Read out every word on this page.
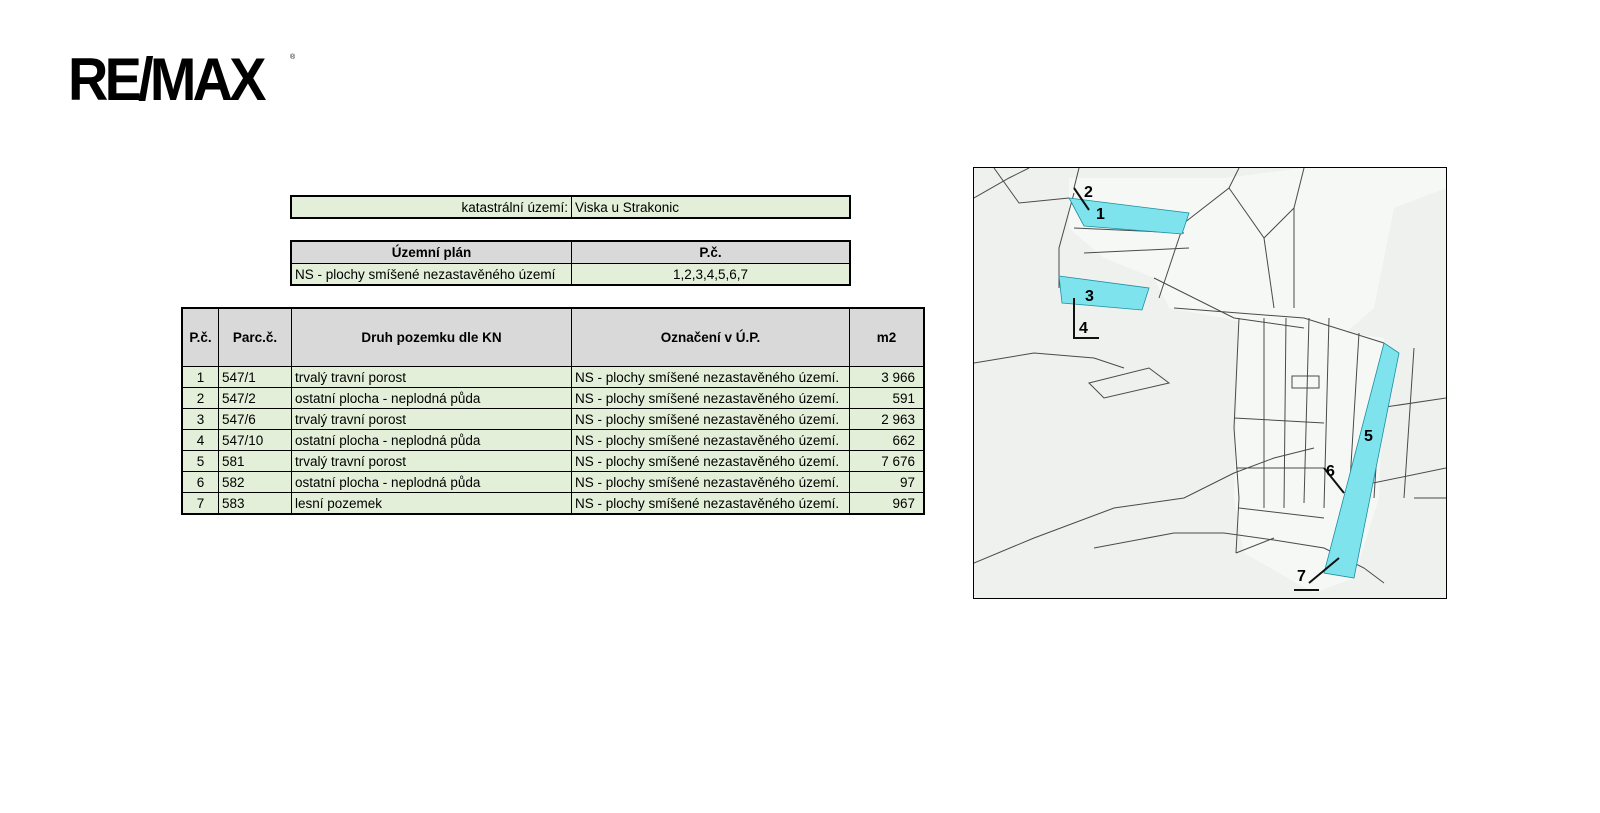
RE/MAX	®
katastrální území:	Viska u Strakonic
Územní plán	P.č.
NS - plochy smíšené nezastavěného území	1,2,3,4,5,6,7
P.č.	Parc.č.	Druh pozemku dle KN	Označení v Ú.P.	m2
1	547/1	trvalý travní porost	NS - plochy smíšené nezastavěného území.	3 966
2	547/2	ostatní plocha - neplodná půda	NS - plochy smíšené nezastavěného území.	591
3	547/6	trvalý travní porost	NS - plochy smíšené nezastavěného území.	2 963
4	547/10	ostatní plocha - neplodná půda	NS - plochy smíšené nezastavěného území.	662
5	581	trvalý travní porost	NS - plochy smíšené nezastavěného území.	7 676
6	582	ostatní plocha - neplodná půda	NS - plochy smíšené nezastavěného území.	97
7	583	lesní pozemek	NS - plochy smíšené nezastavěného území.	967
2
1
3
4
5
6
7
